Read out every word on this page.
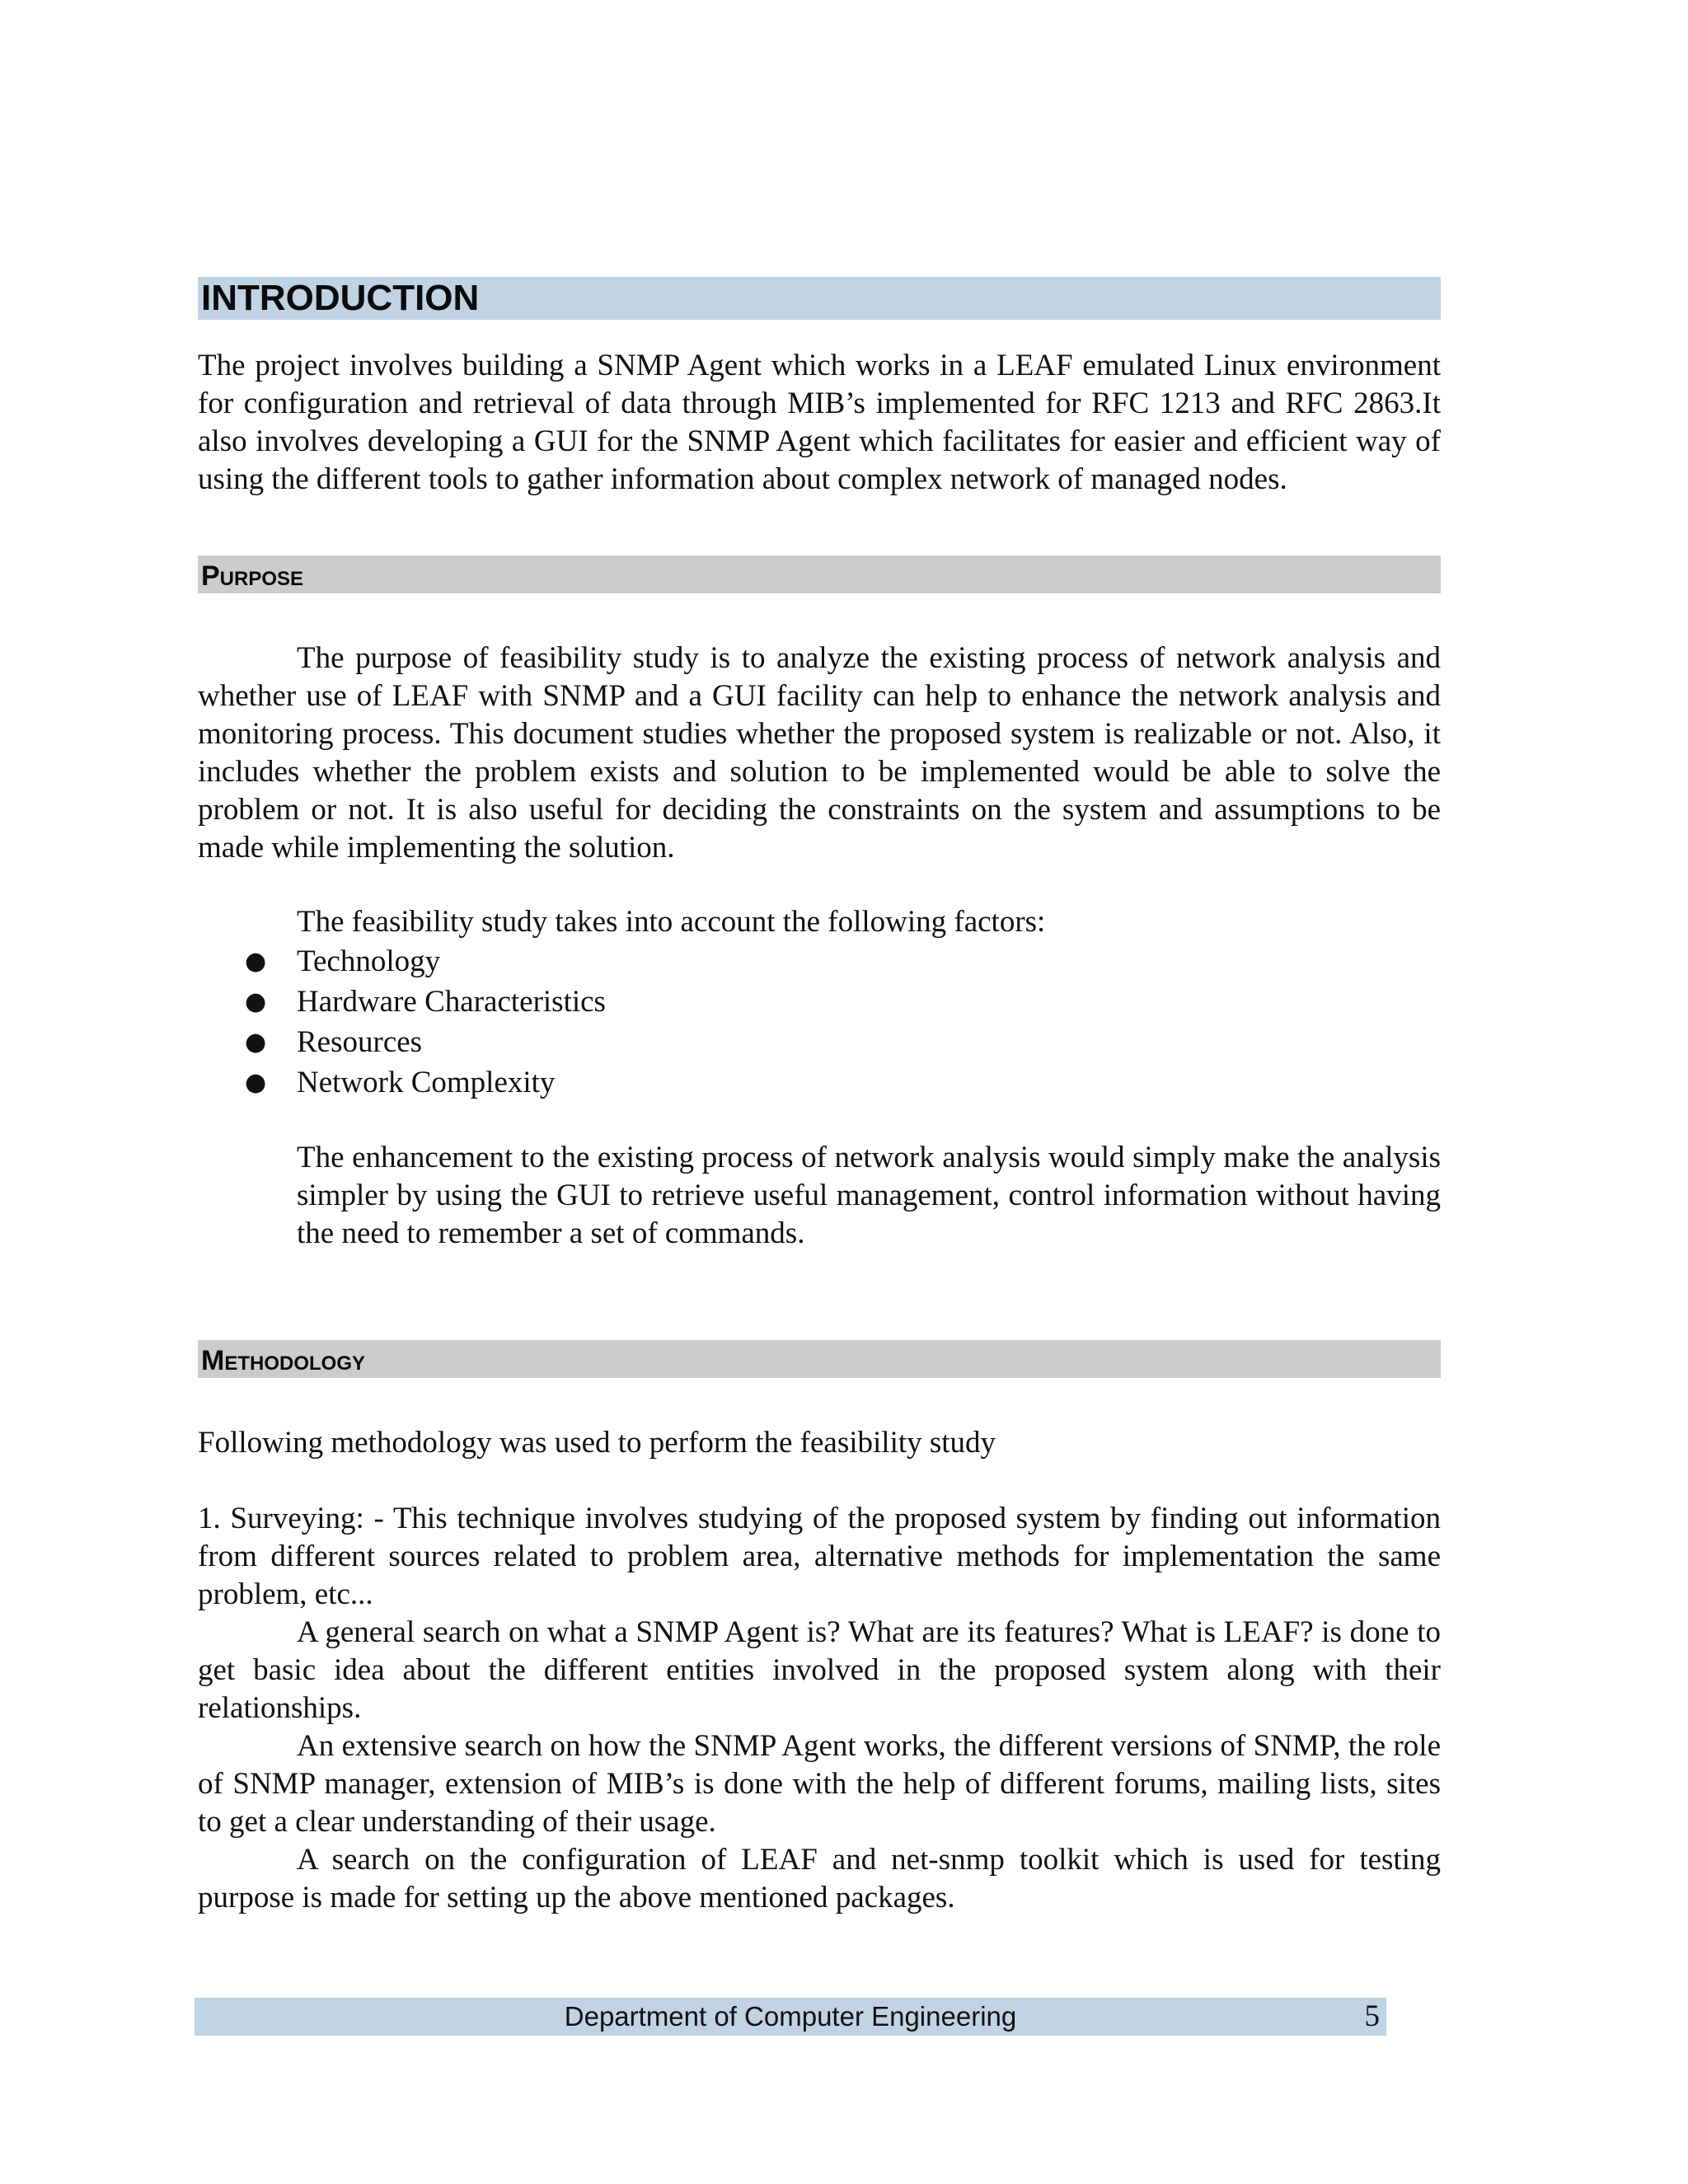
INTRODUCTION

The project involves building a SNMP Agent which works in a LEAF emulated Linux environment for configuration and retrieval of data through MIB’s implemented for RFC 1213 and RFC 2863.It also involves developing a GUI for the SNMP Agent which facilitates for easier and efficient way of using the different tools to gather information about complex network of managed nodes.

Purpose

The purpose of feasibility study is to analyze the existing process of network analysis and whether use of LEAF with SNMP and a GUI facility can help to enhance the network analysis and monitoring process. This document studies whether the proposed system is realizable or not. Also, it includes whether the problem exists and solution to be implemented would be able to solve the problem or not. It is also useful for deciding the constraints on the system and assumptions to be made while implementing the solution.

The feasibility study takes into account the following factors:

● Technology
● Hardware Characteristics
● Resources
● Network Complexity

The enhancement to the existing process of network analysis would simply make the analysis simpler by using the GUI to retrieve useful management, control information without having the need to remember a set of commands.

Methodology

Following methodology was used to perform the feasibility study

1. Surveying: - This technique involves studying of the proposed system by finding out information from different sources related to problem area, alternative methods for implementation the same problem, etc...

A general search on what a SNMP Agent is? What are its features? What is LEAF? is done to get basic idea about the different entities involved in the proposed system along with their relationships.

An extensive search on how the SNMP Agent works, the different versions of SNMP, the role of SNMP manager, extension of MIB’s is done with the help of different forums, mailing lists, sites to get a clear understanding of their usage.

A search on the configuration of LEAF and net-snmp toolkit which is used for testing purpose is made for setting up the above mentioned packages.

Department of Computer Engineering	5
